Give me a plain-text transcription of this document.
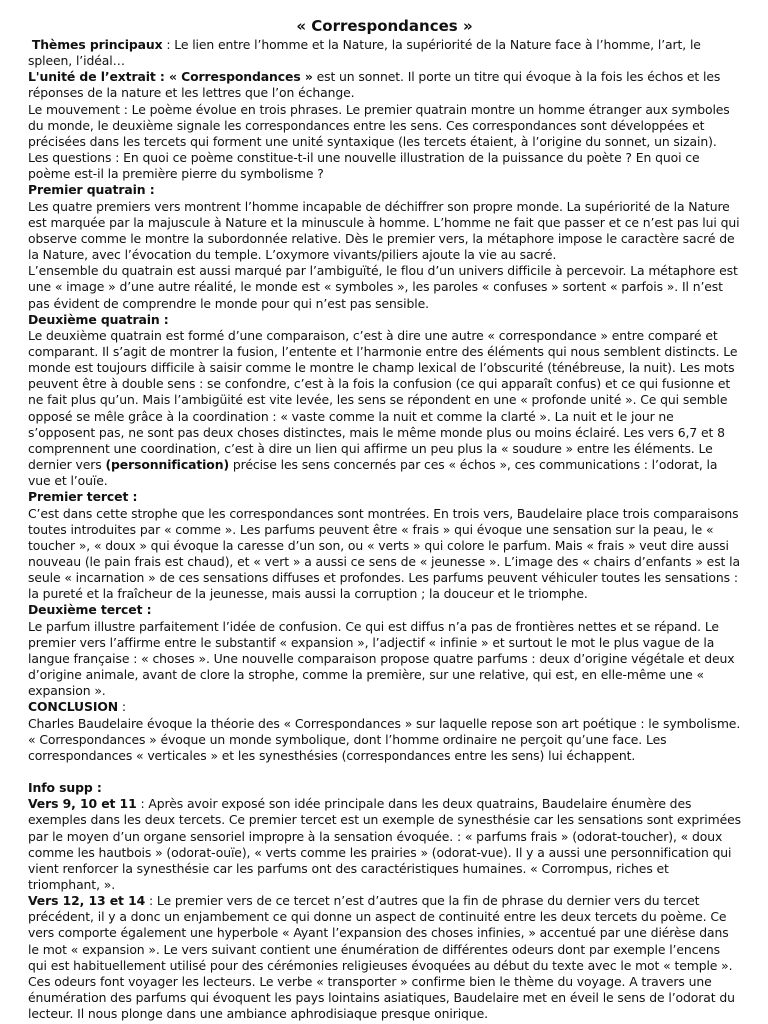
« Correspondances »

Thèmes principaux : Le lien entre l’homme et la Nature, la supériorité de la Nature face à l’homme, l’art, le spleen, l’idéal…

L'unité de l’extrait : « Correspondances » est un sonnet. Il porte un titre qui évoque à la fois les échos et les réponses de la nature et les lettres que l’on échange.

Le mouvement : Le poème évolue en trois phrases. Le premier quatrain montre un homme étranger aux symboles du monde, le deuxième signale les correspondances entre les sens. Ces correspondances sont développées et précisées dans les tercets qui forment une unité syntaxique (les tercets étaient, à l’origine du sonnet, un sizain).

Les questions : En quoi ce poème constitue-t-il une nouvelle illustration de la puissance du poète ? En quoi ce poème est-il la première pierre du symbolisme ?

Premier quatrain :

Les quatre premiers vers montrent l’homme incapable de déchiffrer son propre monde. La supériorité de la Nature est marquée par la majuscule à Nature et la minuscule à homme. L’homme ne fait que passer et ce n’est pas lui qui observe comme le montre la subordonnée relative. Dès le premier vers, la métaphore impose le caractère sacré de la Nature, avec l’évocation du temple. L’oxymore vivants/piliers ajoute la vie au sacré.

L’ensemble du quatrain est aussi marqué par l’ambiguïté, le flou d’un univers difficile à percevoir. La métaphore est une « image » d’une autre réalité, le monde est « symboles », les paroles « confuses » sortent « parfois ». Il n’est pas évident de comprendre le monde pour qui n’est pas sensible.

Deuxième quatrain :

Le deuxième quatrain est formé d’une comparaison, c’est à dire une autre « correspondance » entre comparé et comparant. Il s’agit de montrer la fusion, l’entente et l’harmonie entre des éléments qui nous semblent distincts. Le monde est toujours difficile à saisir comme le montre le champ lexical de l’obscurité (ténébreuse, la nuit). Les mots peuvent être à double sens : se confondre, c’est à la fois la confusion (ce qui apparaît confus) et ce qui fusionne et ne fait plus qu’un. Mais l’ambigüité est vite levée, les sens se répondent en une « profonde unité ». Ce qui semble opposé se mêle grâce à la coordination : « vaste comme la nuit et comme la clarté ». La nuit et le jour ne s’opposent pas, ne sont pas deux choses distinctes, mais le même monde plus ou moins éclairé. Les vers 6,7 et 8 comprennent une coordination, c’est à dire un lien qui affirme un peu plus la « soudure » entre les éléments. Le dernier vers (personnification) précise les sens concernés par ces « échos », ces communications : l’odorat, la vue et l’ouïe.

Premier tercet :

C’est dans cette strophe que les correspondances sont montrées. En trois vers, Baudelaire place trois comparaisons toutes introduites par « comme ». Les parfums peuvent être « frais » qui évoque une sensation sur la peau, le « toucher », « doux » qui évoque la caresse d’un son, ou « verts » qui colore le parfum. Mais « frais » veut dire aussi nouveau (le pain frais est chaud), et « vert » a aussi ce sens de « jeunesse ». L’image des « chairs d’enfants » est la seule « incarnation » de ces sensations diffuses et profondes. Les parfums peuvent véhiculer toutes les sensations : la pureté et la fraîcheur de la jeunesse, mais aussi la corruption ; la douceur et le triomphe.

Deuxième tercet :

Le parfum illustre parfaitement l’idée de confusion. Ce qui est diffus n’a pas de frontières nettes et se répand. Le premier vers l’affirme entre le substantif « expansion », l’adjectif « infinie » et surtout le mot le plus vague de la langue française : « choses ». Une nouvelle comparaison propose quatre parfums : deux d’origine végétale et deux d’origine animale, avant de clore la strophe, comme la première, sur une relative, qui est, en elle-même une « expansion ».

CONCLUSION :

Charles Baudelaire évoque la théorie des « Correspondances » sur laquelle repose son art poétique : le symbolisme.

« Correspondances » évoque un monde symbolique, dont l’homme ordinaire ne perçoit qu’une face. Les correspondances « verticales » et les synesthésies (correspondances entre les sens) lui échappent.

Info supp :

Vers 9, 10 et 11 : Après avoir exposé son idée principale dans les deux quatrains, Baudelaire énumère des exemples dans les deux tercets. Ce premier tercet est un exemple de synesthésie car les sensations sont exprimées par le moyen d’un organe sensoriel impropre à la sensation évoquée. : « parfums frais » (odorat-toucher), « doux comme les hautbois » (odorat-ouïe), « verts comme les prairies » (odorat-vue). Il y a aussi une personnification qui vient renforcer la synesthésie car les parfums ont des caractéristiques humaines. « Corrompus, riches et triomphant, ».

Vers 12, 13 et 14 : Le premier vers de ce tercet n’est d’autres que la fin de phrase du dernier vers du tercet précédent, il y a donc un enjambement ce qui donne un aspect de continuité entre les deux tercets du poème. Ce vers comporte également une hyperbole « Ayant l’expansion des choses infinies, » accentué par une diérèse dans le mot « expansion ». Le vers suivant contient une énumération de différentes odeurs dont par exemple l’encens qui est habituellement utilisé pour des cérémonies religieuses évoquées au début du texte avec le mot « temple ». Ces odeurs font voyager les lecteurs. Le verbe « transporter » confirme bien le thème du voyage. A travers une énumération des parfums qui évoquent les pays lointains asiatiques, Baudelaire met en éveil le sens de l’odorat du lecteur. Il nous plonge dans une ambiance aphrodisiaque presque onirique.
